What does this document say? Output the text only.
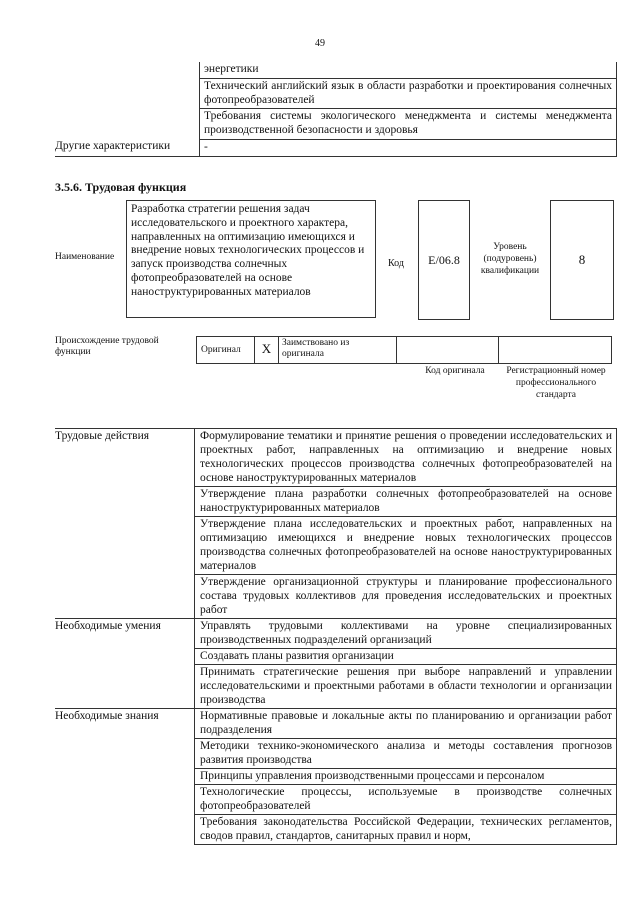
49
	энергетики
	Технический английский язык в области разработки и проектирования солнечных фотопреобразователей
	Требования системы экологического менеджмента и системы менеджмента производственной безопасности и здоровья
Другие характеристики	-
3.5.6. Трудовая функция
Наименование
Разработка стратегии решения задач исследовательского и проектного характера, направленных на оптимизацию имеющихся и внедрение новых технологических процессов и запуск производства солнечных фотопреобразователей на основе наноструктурированных материалов
Код	E/06.8
Уровень (подуровень) квалификации
8
Происхождение трудовой функции	Оригинал	X	Заимствовано из оригинала
Код оригинала	Регистрационный номер профессионального стандарта
Трудовые действия	Формулирование тематики и принятие решения о проведении исследовательских и проектных работ, направленных на оптимизацию и внедрение новых технологических процессов производства солнечных фотопреобразователей на основе наноструктурированных материалов
	Утверждение плана разработки солнечных фотопреобразователей на основе наноструктурированных материалов
	Утверждение плана исследовательских и проектных работ, направленных на оптимизацию имеющихся и внедрение новых технологических процессов производства солнечных фотопреобразователей на основе наноструктурированных материалов
	Утверждение организационной структуры и планирование профессионального состава трудовых коллективов для проведения исследовательских и проектных работ
Необходимые умения	Управлять трудовыми коллективами на уровне специализированных производственных подразделений организаций
	Создавать планы развития организации
	Принимать стратегические решения при выборе направлений и управлении исследовательскими и проектными работами в области технологии и организации производства
Необходимые знания	Нормативные правовые и локальные акты по планированию и организации работ подразделения
	Методики технико-экономического анализа и методы составления прогнозов развития производства
	Принципы управления производственными процессами и персоналом
	Технологические процессы, используемые в производстве солнечных фотопреобразователей
	Требования законодательства Российской Федерации, технических регламентов, сводов правил, стандартов, санитарных правил и норм,
